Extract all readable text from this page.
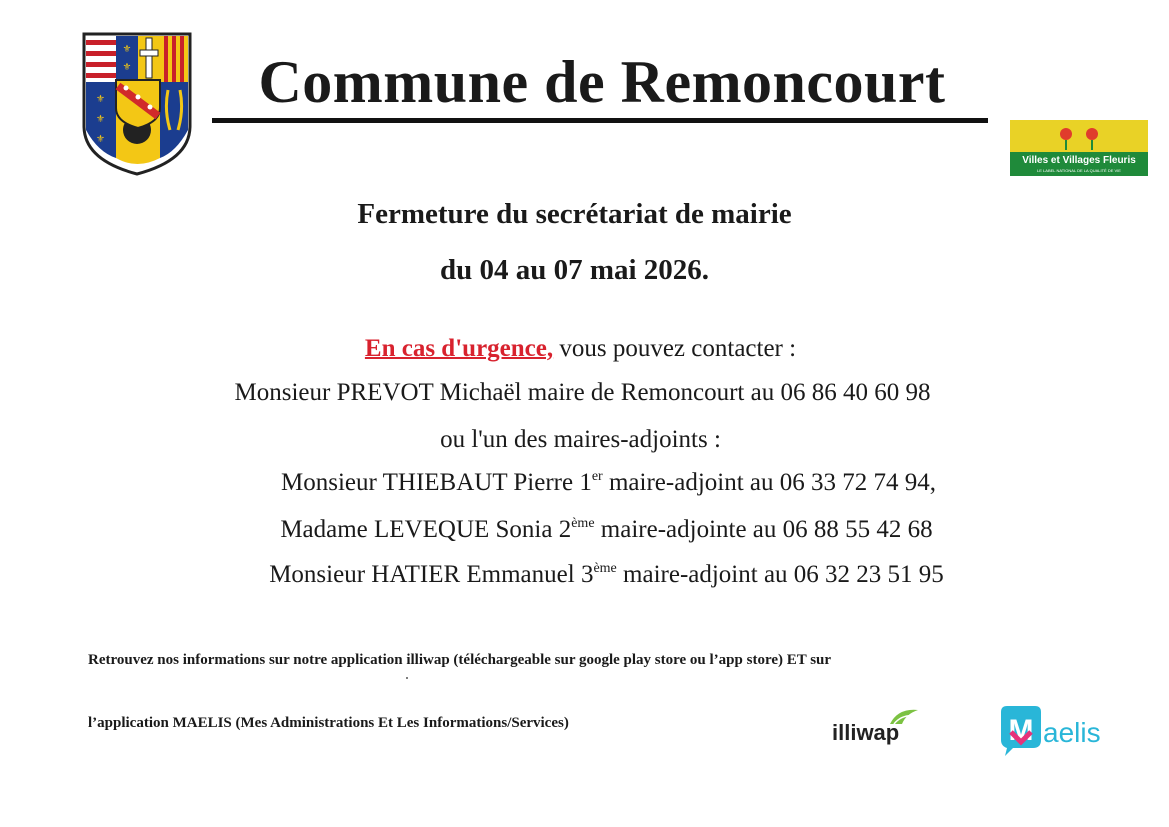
⚜
⚜
⚜
⚜
⚜
Commune de Remoncourt
Villes et Villages Fleuris
LE LABEL NATIONAL DE LA QUALITÉ DE VIE
Fermeture du secrétariat de mairie
du 04 au 07 mai 2026.
En cas d'urgence, vous pouvez contacter :
Monsieur PREVOT Michaël maire de Remoncourt au 06 86 40 60 98
ou l'un des maires-adjoints :
Monsieur THIEBAUT Pierre 1er maire-adjoint au 06 33 72 74 94,
Madame LEVEQUE Sonia 2ème maire-adjointe au 06 88 55 42 68
Monsieur HATIER Emmanuel 3ème maire-adjoint au 06 32 23 51 95
Retrouvez nos informations sur notre application illiwap (téléchargeable sur google play store ou l’app store) ET sur
l’application MAELIS (Mes Administrations Et Les Informations/Services)	illiwap	M aelis
